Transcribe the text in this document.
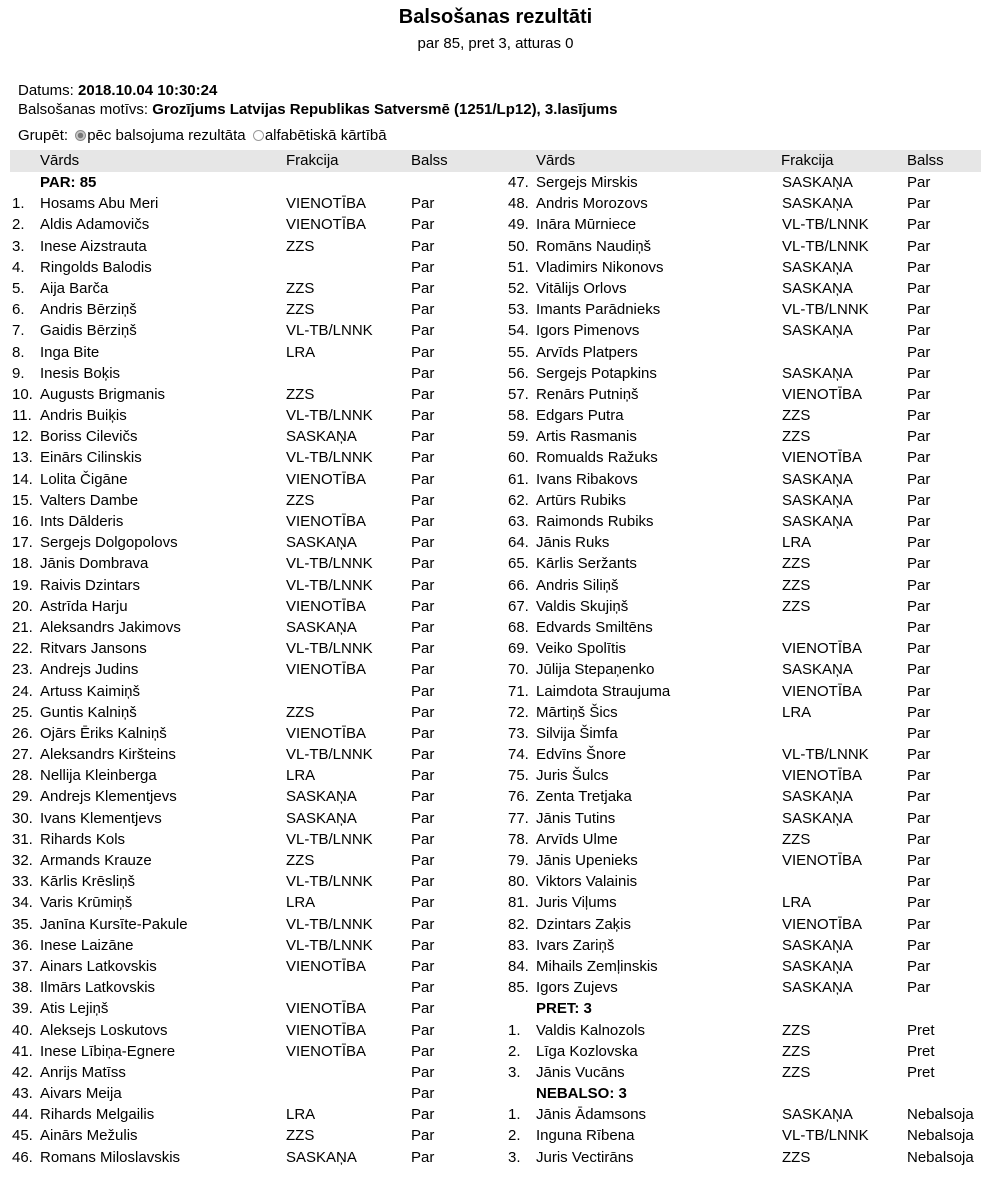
Balsošanas rezultāti
par 85, pret 3, atturas 0
Datums: 2018.10.04 10:30:24
Balsošanas motīvs: Grozījums Latvijas Republikas Satversmē (1251/Lp12), 3.lasījums
Grupēt: pēc balsojuma rezultāta alfabētiskā kārtībā
Vārds	Frakcija	Balss	Vārds	Frakcija	Balss
PAR: 85
1. Hosams Abu Meri	VIENOTĪBA	Par
2. Aldis Adamovičs	VIENOTĪBA	Par
3. Inese Aizstrauta	ZZS	Par
4. Ringolds Balodis	Par
5. Aija Barča	ZZS	Par
6. Andris Bērziņš	ZZS	Par
7. Gaidis Bērziņš	VL-TB/LNNK	Par
8. Inga Bite	LRA	Par
9. Inesis Boķis	Par
10. Augusts Brigmanis	ZZS	Par
11. Andris Buiķis	VL-TB/LNNK	Par
12. Boriss Cilevičs	SASKAŅA	Par
13. Einārs Cilinskis	VL-TB/LNNK	Par
14. Lolita Čigāne	VIENOTĪBA	Par
15. Valters Dambe	ZZS	Par
16. Ints Dālderis	VIENOTĪBA	Par
17. Sergejs Dolgopolovs	SASKAŅA	Par
18. Jānis Dombrava	VL-TB/LNNK	Par
19. Raivis Dzintars	VL-TB/LNNK	Par
20. Astrīda Harju	VIENOTĪBA	Par
21. Aleksandrs Jakimovs	SASKAŅA	Par
22. Ritvars Jansons	VL-TB/LNNK	Par
23. Andrejs Judins	VIENOTĪBA	Par
24. Artuss Kaimiņš	Par
25. Guntis Kalniņš	ZZS	Par
26. Ojārs Ēriks Kalniņš	VIENOTĪBA	Par
27. Aleksandrs Kiršteins	VL-TB/LNNK	Par
28. Nellija Kleinberga	LRA	Par
29. Andrejs Klementjevs	SASKAŅA	Par
30. Ivans Klementjevs	SASKAŅA	Par
31. Rihards Kols	VL-TB/LNNK	Par
32. Armands Krauze	ZZS	Par
33. Kārlis Krēsliņš	VL-TB/LNNK	Par
34. Varis Krūmiņš	LRA	Par
35. Janīna Kursīte-Pakule	VL-TB/LNNK	Par
36. Inese Laizāne	VL-TB/LNNK	Par
37. Ainars Latkovskis	VIENOTĪBA	Par
38. Ilmārs Latkovskis	Par
39. Atis Lejiņš	VIENOTĪBA	Par
40. Aleksejs Loskutovs	VIENOTĪBA	Par
41. Inese Lībiņa-Egnere	VIENOTĪBA	Par
42. Anrijs Matīss	Par
43. Aivars Meija	Par
44. Rihards Melgailis	LRA	Par
45. Ainārs Mežulis	ZZS	Par
46. Romans Miloslavskis	SASKAŅA	Par
47. Sergejs Mirskis	SASKAŅA	Par
48. Andris Morozovs	SASKAŅA	Par
49. Ināra Mūrniece	VL-TB/LNNK	Par
50. Romāns Naudiņš	VL-TB/LNNK	Par
51. Vladimirs Nikonovs	SASKAŅA	Par
52. Vitālijs Orlovs	SASKAŅA	Par
53. Imants Parādnieks	VL-TB/LNNK	Par
54. Igors Pimenovs	SASKAŅA	Par
55. Arvīds Platpers	Par
56. Sergejs Potapkins	SASKAŅA	Par
57. Renārs Putniņš	VIENOTĪBA	Par
58. Edgars Putra	ZZS	Par
59. Artis Rasmanis	ZZS	Par
60. Romualds Ražuks	VIENOTĪBA	Par
61. Ivans Ribakovs	SASKAŅA	Par
62. Artūrs Rubiks	SASKAŅA	Par
63. Raimonds Rubiks	SASKAŅA	Par
64. Jānis Ruks	LRA	Par
65. Kārlis Seržants	ZZS	Par
66. Andris Siliņš	ZZS	Par
67. Valdis Skujiņš	ZZS	Par
68. Edvards Smiltēns	Par
69. Veiko Spolītis	VIENOTĪBA	Par
70. Jūlija Stepaņenko	SASKAŅA	Par
71. Laimdota Straujuma	VIENOTĪBA	Par
72. Mārtiņš Šics	LRA	Par
73. Silvija Šimfa	Par
74. Edvīns Šnore	VL-TB/LNNK	Par
75. Juris Šulcs	VIENOTĪBA	Par
76. Zenta Tretjaka	SASKAŅA	Par
77. Jānis Tutins	SASKAŅA	Par
78. Arvīds Ulme	ZZS	Par
79. Jānis Upenieks	VIENOTĪBA	Par
80. Viktors Valainis	Par
81. Juris Viļums	LRA	Par
82. Dzintars Zaķis	VIENOTĪBA	Par
83. Ivars Zariņš	SASKAŅA	Par
84. Mihails Zemļinskis	SASKAŅA	Par
85. Igors Zujevs	SASKAŅA	Par
PRET: 3
1. Valdis Kalnozols	ZZS	Pret
2. Līga Kozlovska	ZZS	Pret
3. Jānis Vucāns	ZZS	Pret
NEBALSO: 3
1. Jānis Ādamsons	SASKAŅA	Nebalsoja
2. Inguna Rībena	VL-TB/LNNK	Nebalsoja
3. Juris Vectirāns	ZZS	Nebalsoja
